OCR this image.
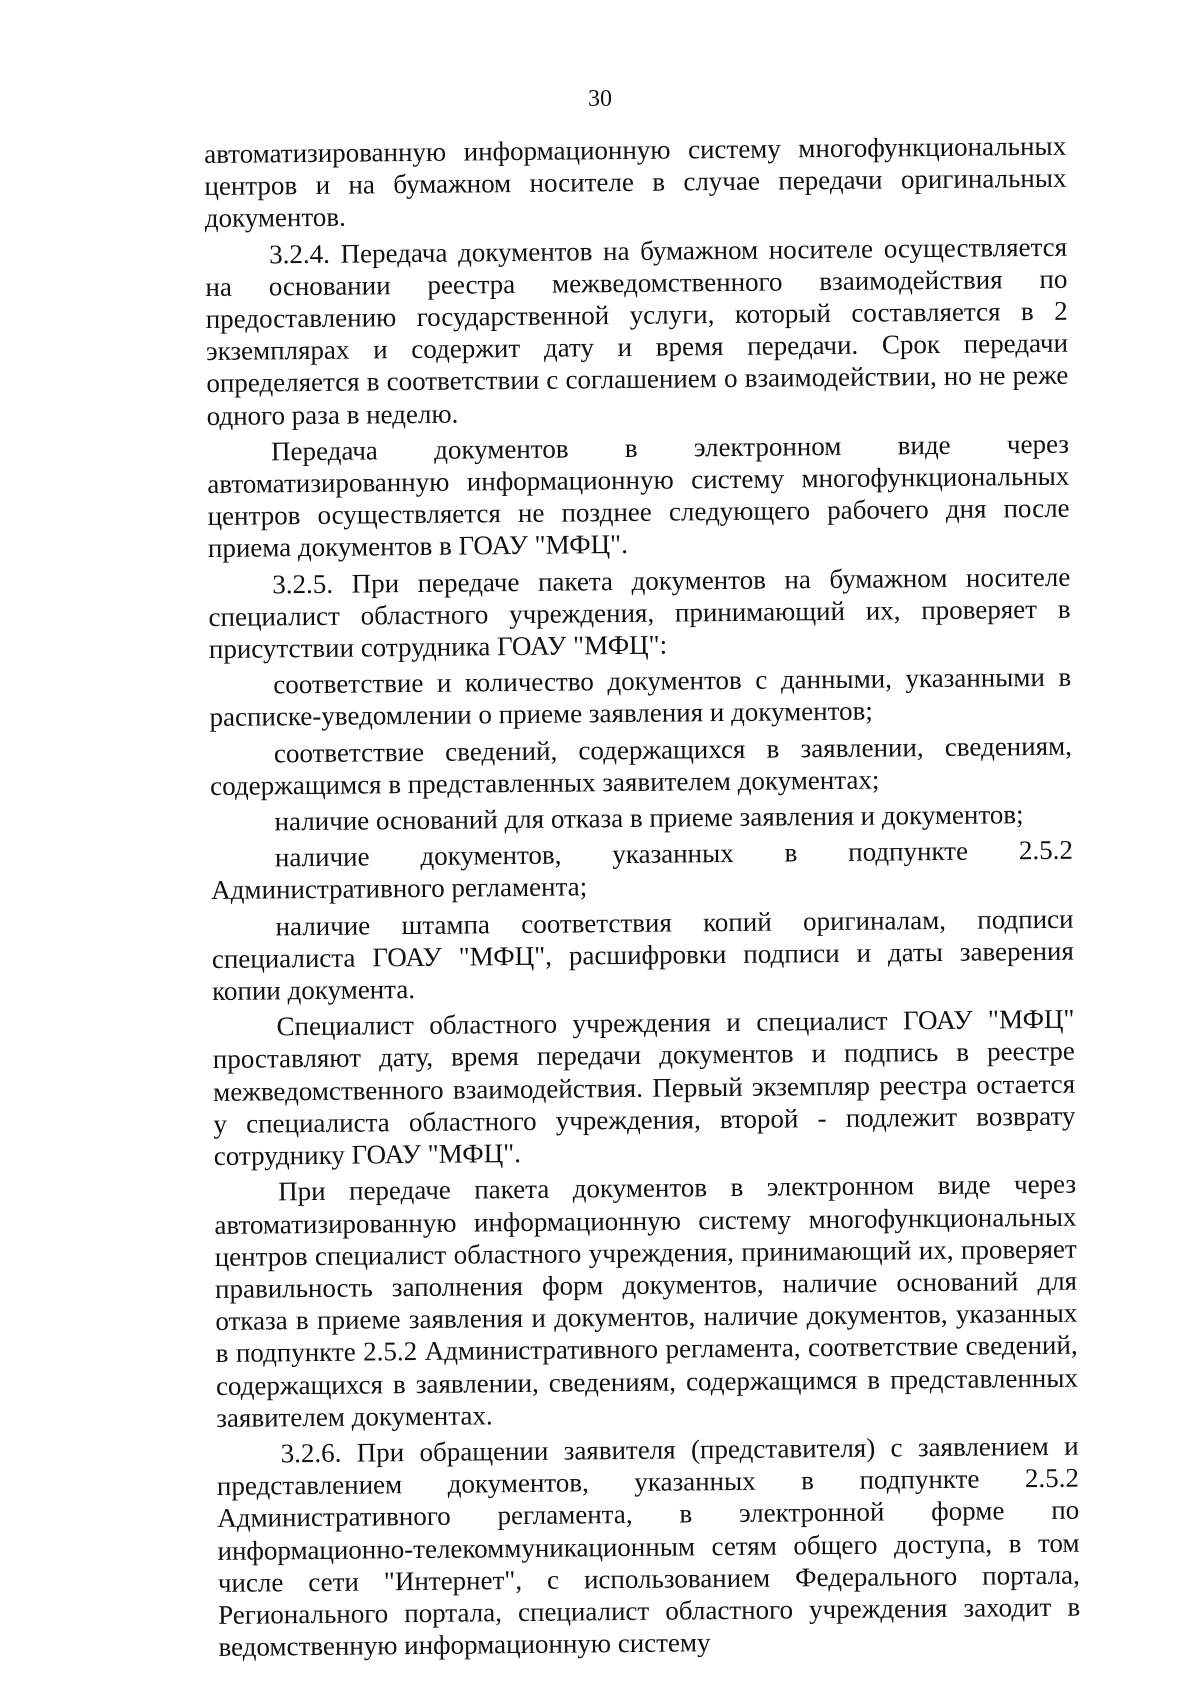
30

автоматизированную информационную систему многофункциональных центров и на бумажном носителе в случае передачи оригинальных документов.

3.2.4. Передача документов на бумажном носителе осуществляется на основании реестра межведомственного взаимодействия по предоставлению государственной услуги, который составляется в 2 экземплярах и содержит дату и время передачи. Срок передачи определяется в соответствии с соглашением о взаимодействии, но не реже одного раза в неделю.

Передача документов в электронном виде через автоматизированную информационную систему многофункциональных центров осуществляется не позднее следующего рабочего дня после приема документов в ГОАУ "МФЦ".

3.2.5. При передаче пакета документов на бумажном носителе специалист областного учреждения, принимающий их, проверяет в присутствии сотрудника ГОАУ "МФЦ":

соответствие и количество документов с данными, указанными в расписке-уведомлении о приеме заявления и документов;

соответствие сведений, содержащихся в заявлении, сведениям, содержащимся в представленных заявителем документах;

наличие оснований для отказа в приеме заявления и документов;

наличие документов, указанных в подпункте 2.5.2 Административного регламента;

наличие штампа соответствия копий оригиналам, подписи специалиста ГОАУ "МФЦ", расшифровки подписи и даты заверения копии документа.

Специалист областного учреждения и специалист ГОАУ "МФЦ" проставляют дату, время передачи документов и подпись в реестре межведомственного взаимодействия. Первый экземпляр реестра остается у специалиста областного учреждения, второй - подлежит возврату сотруднику ГОАУ "МФЦ".

При передаче пакета документов в электронном виде через автоматизированную информационную систему многофункциональных центров специалист областного учреждения, принимающий их, проверяет правильность заполнения форм документов, наличие оснований для отказа в приеме заявления и документов, наличие документов, указанных в подпункте 2.5.2 Административного регламента, соответствие сведений, содержащихся в заявлении, сведениям, содержащимся в представленных заявителем документах.

3.2.6. При обращении заявителя (представителя) с заявлением и представлением документов, указанных в подпункте 2.5.2 Административного регламента, в электронной форме по информационно-телекоммуникационным сетям общего доступа, в том числе сети "Интернет", с использованием Федерального портала, Регионального портала, специалист областного учреждения заходит в ведомственную информационную систему
